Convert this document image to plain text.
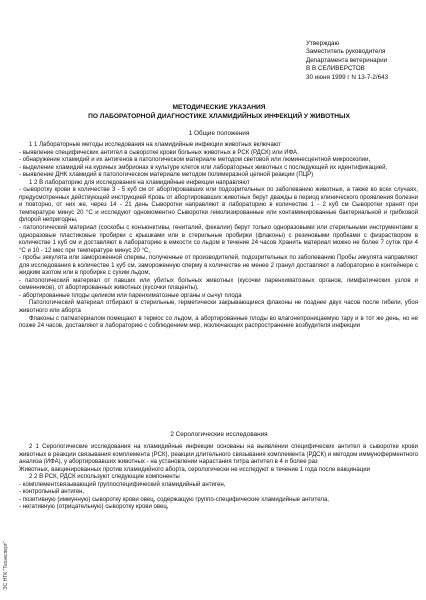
Утверждаю
Заместитель руководителя
Департамента ветеринарии
В В СЕЛИВЕРСТОВ
30 июня 1999 г N 13-7-2/643
МЕТОДИЧЕСКИЕ УКАЗАНИЯ
ПО ЛАБОРАТОРНОЙ ДИАГНОСТИКЕ ХЛАМИДИЙНЫХ ИНФЕКЦИЙ У ЖИВОТНЫХ
1 Общие положения

1 1 Лабораторные методы исследования на хламидийные инфекции животных включают

- выявление специфических антител в сыворотке крови больных животных в РСК (РДСК) или ИФА,

- обнаружение хламидий и их антигенов в патологическом материале методом световой или люминесцентной микроскопии,

- выделение хламидий на куриных эмбрионах в культуре клеток или лабораторных животных с последующей их идентификацией,

- выявление ДНК хламидий в патологическом материале методом полимеразной цепной реакции (ПЦР)

1 2 В лабораторию для исследования на хламидийные инфекции направляют

- сыворотку крови в количестве 3 - 5 куб см от абортировавших или подозрительных по заболеванию животных, а также во всех случаях, предусмотренных действующей инструкцией Кровь от абортировавших животных берут дважды в период клинического проявления болезни и повторно, от них же, через 14 - 21 день Сыворотки направляют в лабораторию в количестве 1 - 2 куб см Сыворотки хранят при температуре минус 20 °С и исследуют одномоментно Сыворотки гемолизированные или контаминированные бактериальной и грибковой флорой непригодны,

- патологический материал (соскобы с конъюнктивы, гениталий, фекалии) берут только одноразовыми или стерильными инструментами в одноразовые пластиковые пробирки с крышками или в стерильные пробирки (флаконы) с резиновыми пробками с физраствором в количестве 1 куб см и доставляют в лабораторию в емкости со льдом в течение 24 часов Хранить материал можно не более 7 суток при 4 °С и 10 - 12 мес при температуре минус 20 °С,

- пробы эякулята или замороженной спермы, полученные от производителей, подозрительных по заболеванию Пробы эякулята направляют для исследования в количестве 1 куб см, замороженную сперму в количестве не менее 2 гранул доставляют в лабораторию в контейнере с жидким азотом или в пробирке с сухим льдом,

- патологический материал от павших или убитых больных животных (кусочки паренхиматозных органов, лимфатических узлов и семенников), от абортированных животных (кусочки плаценты),

- абортированные плоды целиком или паренхиматозные органы и сычуг плода

Патологический материал отбирают в стерильные, герметически закрывающиеся флаконы не позднее двух часов после гибели, убоя животного или аборта

Флаконы с патматериалом помещают в термос со льдом, а абортированные плоды во влагонепроницаемую тару и в тот же день, но не позже 24 часов, доставляют в лабораторию с соблюдением мер, исключающих распространение возбудителя инфекции

2 Серологические исследования

2 1 Серологические исследования на хламидийные инфекции основаны на выявлении специфических антител в сыворотке крови животных в реакции связывания комплемента (РСК), реакции длительного связывания комплемента (РДСК) и методом иммуноферментного анализа (ИФА), у абортировавших животных - на установлении нарастания титра антител в 4 и более раз

Животных, вакцинированных против хламидийного аборта, серологически не исследуют в течение 1 года после вакцинации

2 2 В РСК, РДСК используют следующие компоненты

- комплементсвязывающий группоспецифический хламидийный антиген,

- контрольный антиген,

- позитивную (иммунную) сыворотку крови овец, содержащую группо-специфические хламидийные антитела,

- негативную (отрицательную) сыворотку крови овец,

ЭС НТК "Техэксперт"
